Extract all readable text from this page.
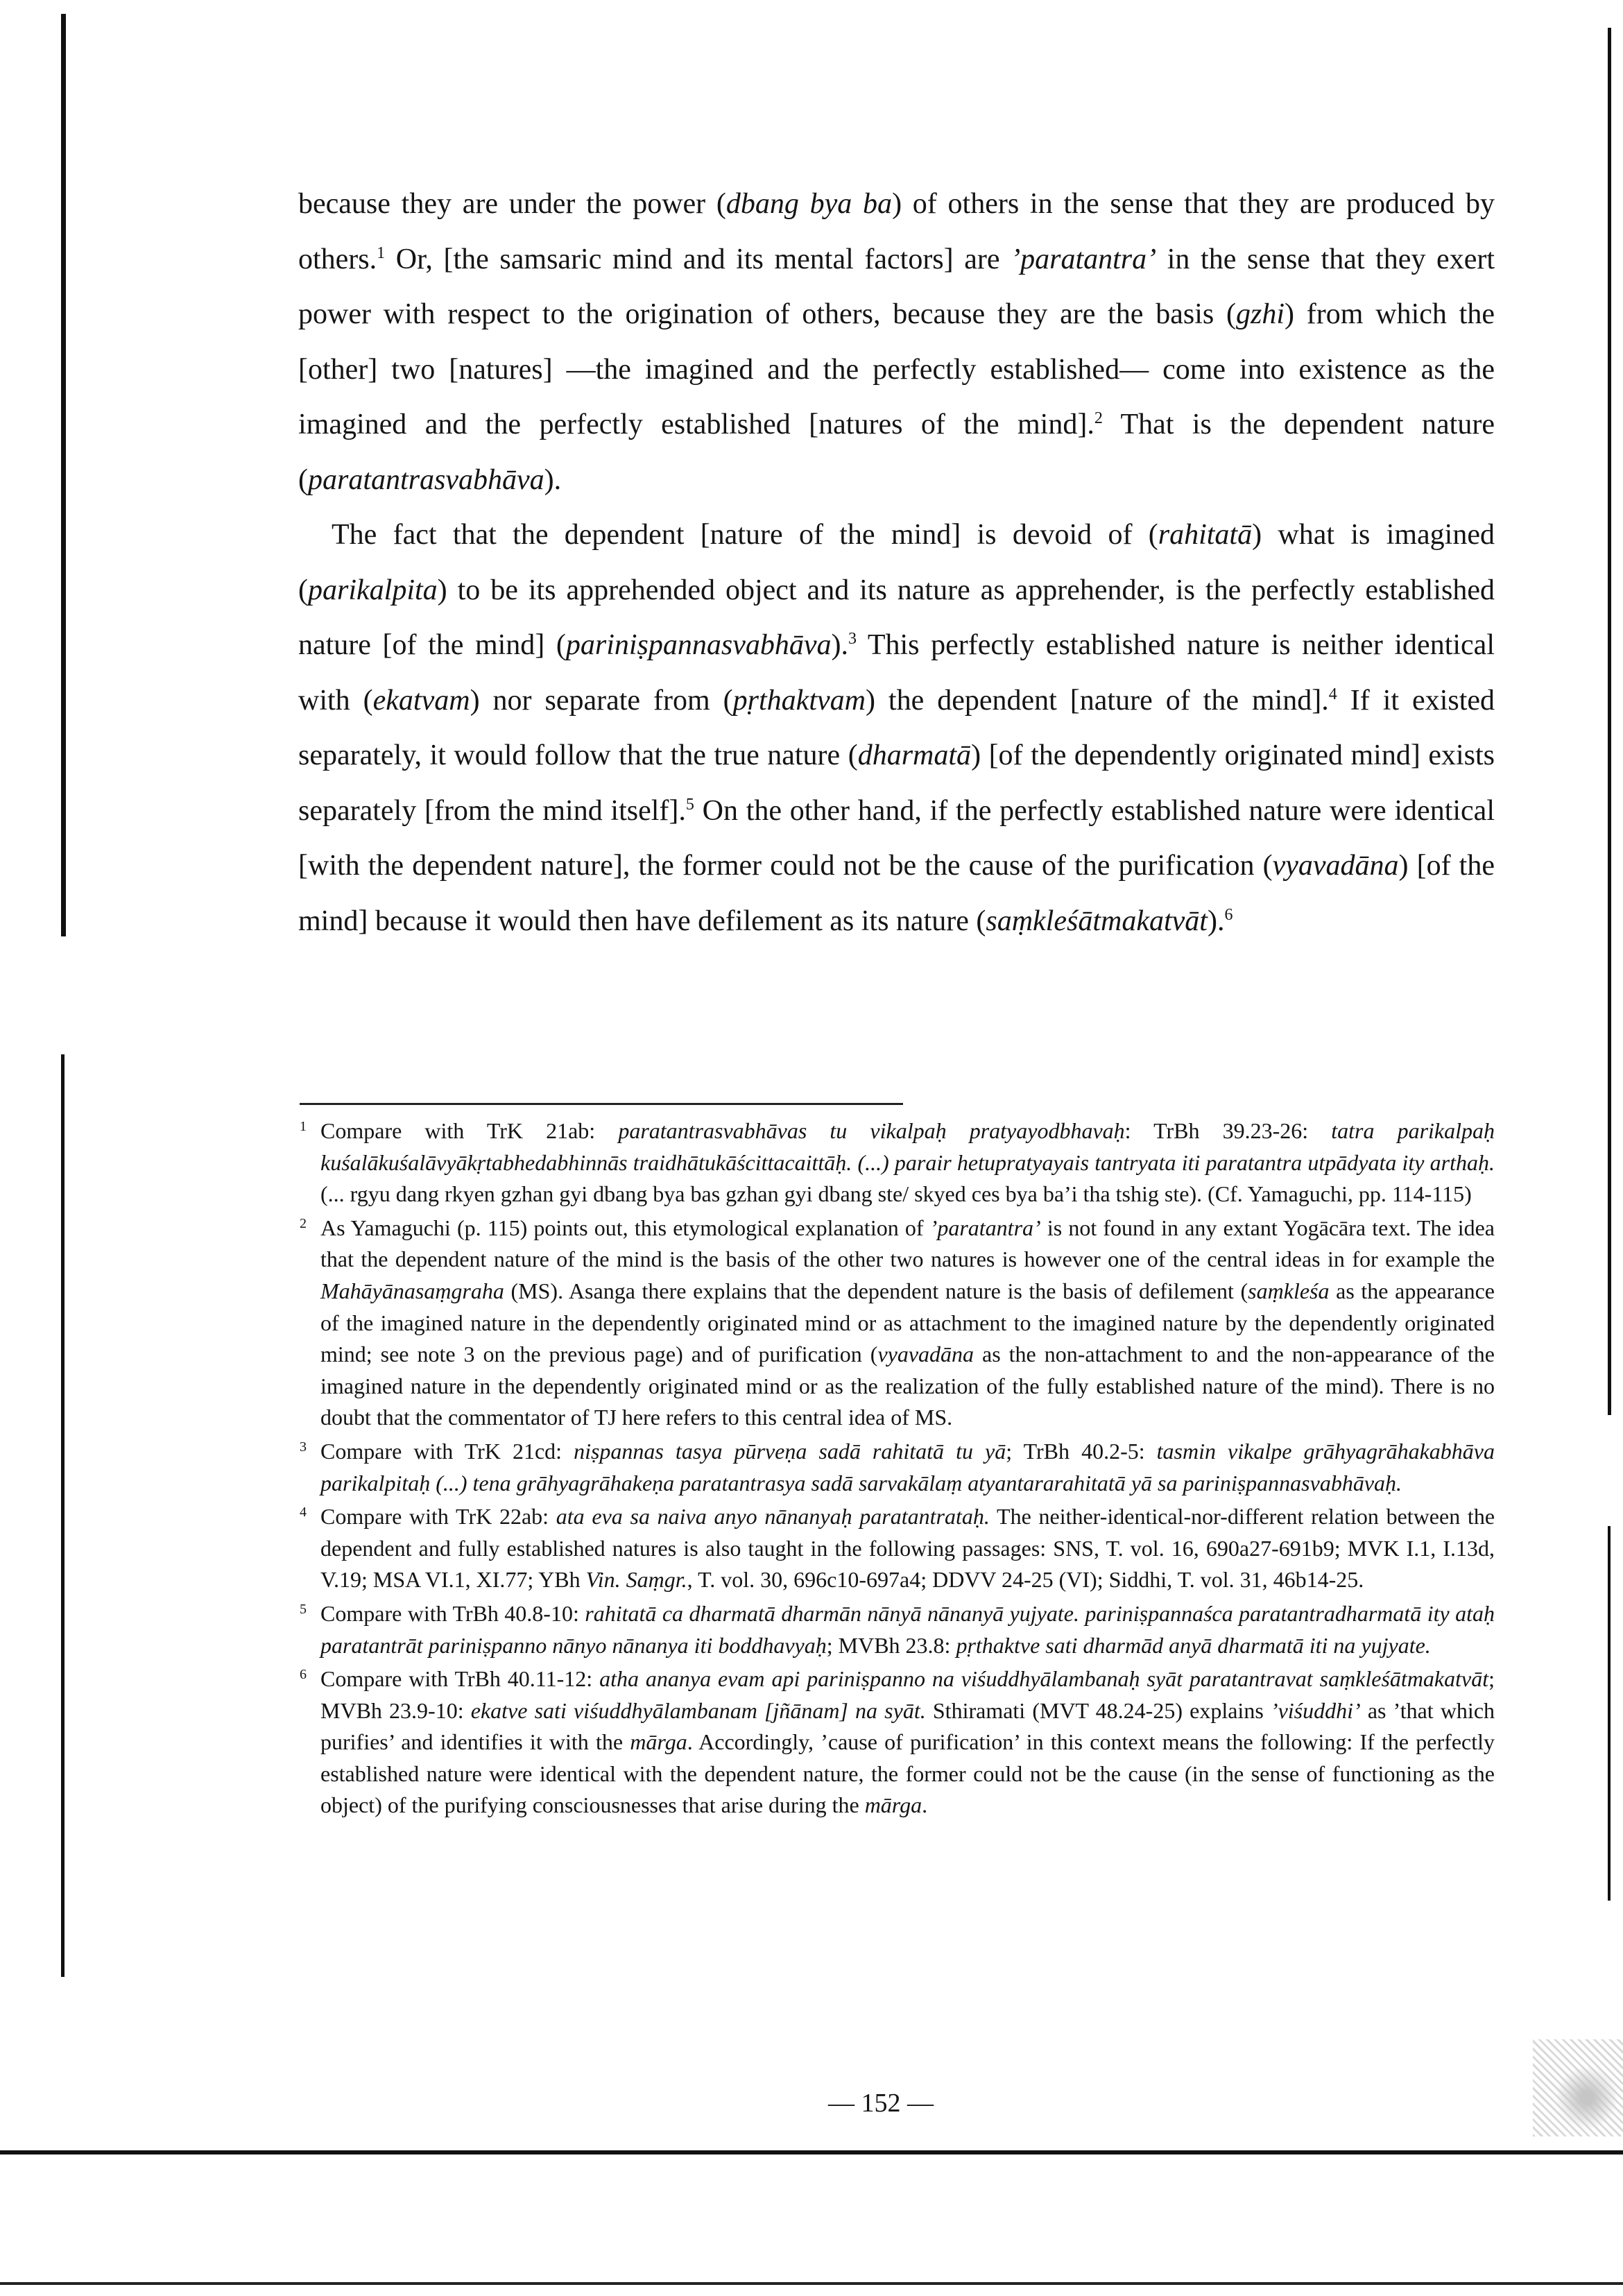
because they are under the power (dbang bya ba) of others in the sense that they are produced by others.$^1$ Or, [the samsaric mind and its mental factors] are ’paratantra’ in the sense that they exert power with respect to the origination of others, because they are the basis (gzhi) from which the [other] two [natures] —the imagined and the perfectly established— come into existence as the imagined and the perfectly established [natures of the mind].$^2$ That is the dependent nature (paratantrasvabhāva).

The fact that the dependent [nature of the mind] is devoid of (rahitatā) what is imagined (parikalpita) to be its apprehended object and its nature as apprehender, is the perfectly established nature [of the mind] (pariniṣpannasvabhāva).$^3$ This perfectly established nature is neither identical with (ekatvam) nor separate from (pṛthaktvam) the dependent [nature of the mind].$^4$ If it existed separately, it would follow that the true nature (dharmatā) [of the dependently originated mind] exists separately [from the mind itself].$^5$ On the other hand, if the perfectly established nature were identical [with the dependent nature], the former could not be the cause of the purification (vyavadāna) [of the mind] because it would then have defilement as its nature (saṃkleśātmakatvāt).$^6$

1 Compare with TrK 21ab: paratantrasvabhāvas tu vikalpaḥ pratyayodbhavaḥ: TrBh 39.23-26: tatra parikalpaḥ kuśalākuśalāvyākṛtabhedabhinnās traidhātukāścittacaittāḥ. (...) parair hetupratyayais tantryata iti paratantra utpādyata ity arthaḥ. (... rgyu dang rkyen gzhan gyi dbang bya bas gzhan gyi dbang ste/ skyed ces bya ba’i tha tshig ste). (Cf. Yamaguchi, pp. 114-115)
2 As Yamaguchi (p. 115) points out, this etymological explanation of ’paratantra’ is not found in any extant Yogācāra text. The idea that the dependent nature of the mind is the basis of the other two natures is however one of the central ideas in for example the Mahāyānasaṃgraha (MS). Asanga there explains that the dependent nature is the basis of defilement (saṃkleśa as the appearance of the imagined nature in the dependently originated mind or as attachment to the imagined nature by the dependently originated mind; see note 3 on the previous page) and of purification (vyavadāna as the non-attachment to and the non-appearance of the imagined nature in the dependently originated mind or as the realization of the fully established nature of the mind). There is no doubt that the commentator of TJ here refers to this central idea of MS.
3 Compare with TrK 21cd: niṣpannas tasya pūrveṇa sadā rahitatā tu yā; TrBh 40.2-5: tasmin vikalpe grāhyagrāhakabhāva parikalpitaḥ (...) tena grāhyagrāhakeṇa paratantrasya sadā sarvakālaṃ atyantararahitatā yā sa pariniṣpannasvabhāvaḥ.
4 Compare with TrK 22ab: ata eva sa naiva anyo nānanyaḥ paratantrataḥ. The neither-identical-nor-different relation between the dependent and fully established natures is also taught in the following passages: SNS, T. vol. 16, 690a27-691b9; MVK I.1, I.13d, V.19; MSA VI.1, XI.77; YBh Vin. Saṃgr., T. vol. 30, 696c10-697a4; DDVV 24-25 (VI); Siddhi, T. vol. 31, 46b14-25.
5 Compare with TrBh 40.8-10: rahitatā ca dharmatā dharmān nānyā nānanyā yujyate. pariniṣpannaśca paratantradharmatā ity ataḥ paratantrāt pariniṣpanno nānyo nānanya iti boddhavyaḥ; MVBh 23.8: pṛthaktve sati dharmād anyā dharmatā iti na yujyate.
6 Compare with TrBh 40.11-12: atha ananya evam api pariniṣpanno na viśuddhyālambanaḥ syāt paratantravat saṃkleśātmakatvāt; MVBh 23.9-10: ekatve sati viśuddhyālambanam [jñānam] na syāt. Sthiramati (MVT 48.24-25) explains ’viśuddhi’ as ’that which purifies’ and identifies it with the mārga. Accordingly, ’cause of purification’ in this context means the following: If the perfectly established nature were identical with the dependent nature, the former could not be the cause (in the sense of functioning as the object) of the purifying consciousnesses that arise during the mārga.
— 152 —
